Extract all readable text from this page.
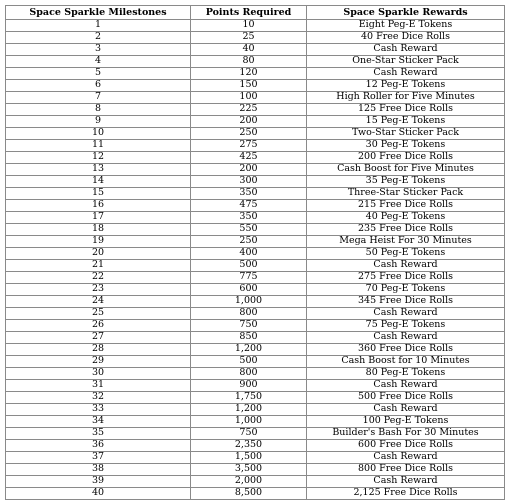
Space Sparkle Milestones	Points Required	Space Sparkle Rewards
1	10	Eight Peg-E Tokens
2	25	40 Free Dice Rolls
3	40	Cash Reward
4	80	One-Star Sticker Pack
5	120	Cash Reward
6	150	12 Peg-E Tokens
7	100	High Roller for Five Minutes
8	225	125 Free Dice Rolls
9	200	15 Peg-E Tokens
10	250	Two-Star Sticker Pack
11	275	30 Peg-E Tokens
12	425	200 Free Dice Rolls
13	200	Cash Boost for Five Minutes
14	300	35 Peg-E Tokens
15	350	Three-Star Sticker Pack
16	475	215 Free Dice Rolls
17	350	40 Peg-E Tokens
18	550	235 Free Dice Rolls
19	250	Mega Heist For 30 Minutes
20	400	50 Peg-E Tokens
21	500	Cash Reward
22	775	275 Free Dice Rolls
23	600	70 Peg-E Tokens
24	1,000	345 Free Dice Rolls
25	800	Cash Reward
26	750	75 Peg-E Tokens
27	850	Cash Reward
28	1,200	360 Free Dice Rolls
29	500	Cash Boost for 10 Minutes
30	800	80 Peg-E Tokens
31	900	Cash Reward
32	1,750	500 Free Dice Rolls
33	1,200	Cash Reward
34	1,000	100 Peg-E Tokens
35	750	Builder's Bash For 30 Minutes
36	2,350	600 Free Dice Rolls
37	1,500	Cash Reward
38	3,500	800 Free Dice Rolls
39	2,000	Cash Reward
40	8,500	2,125 Free Dice Rolls
